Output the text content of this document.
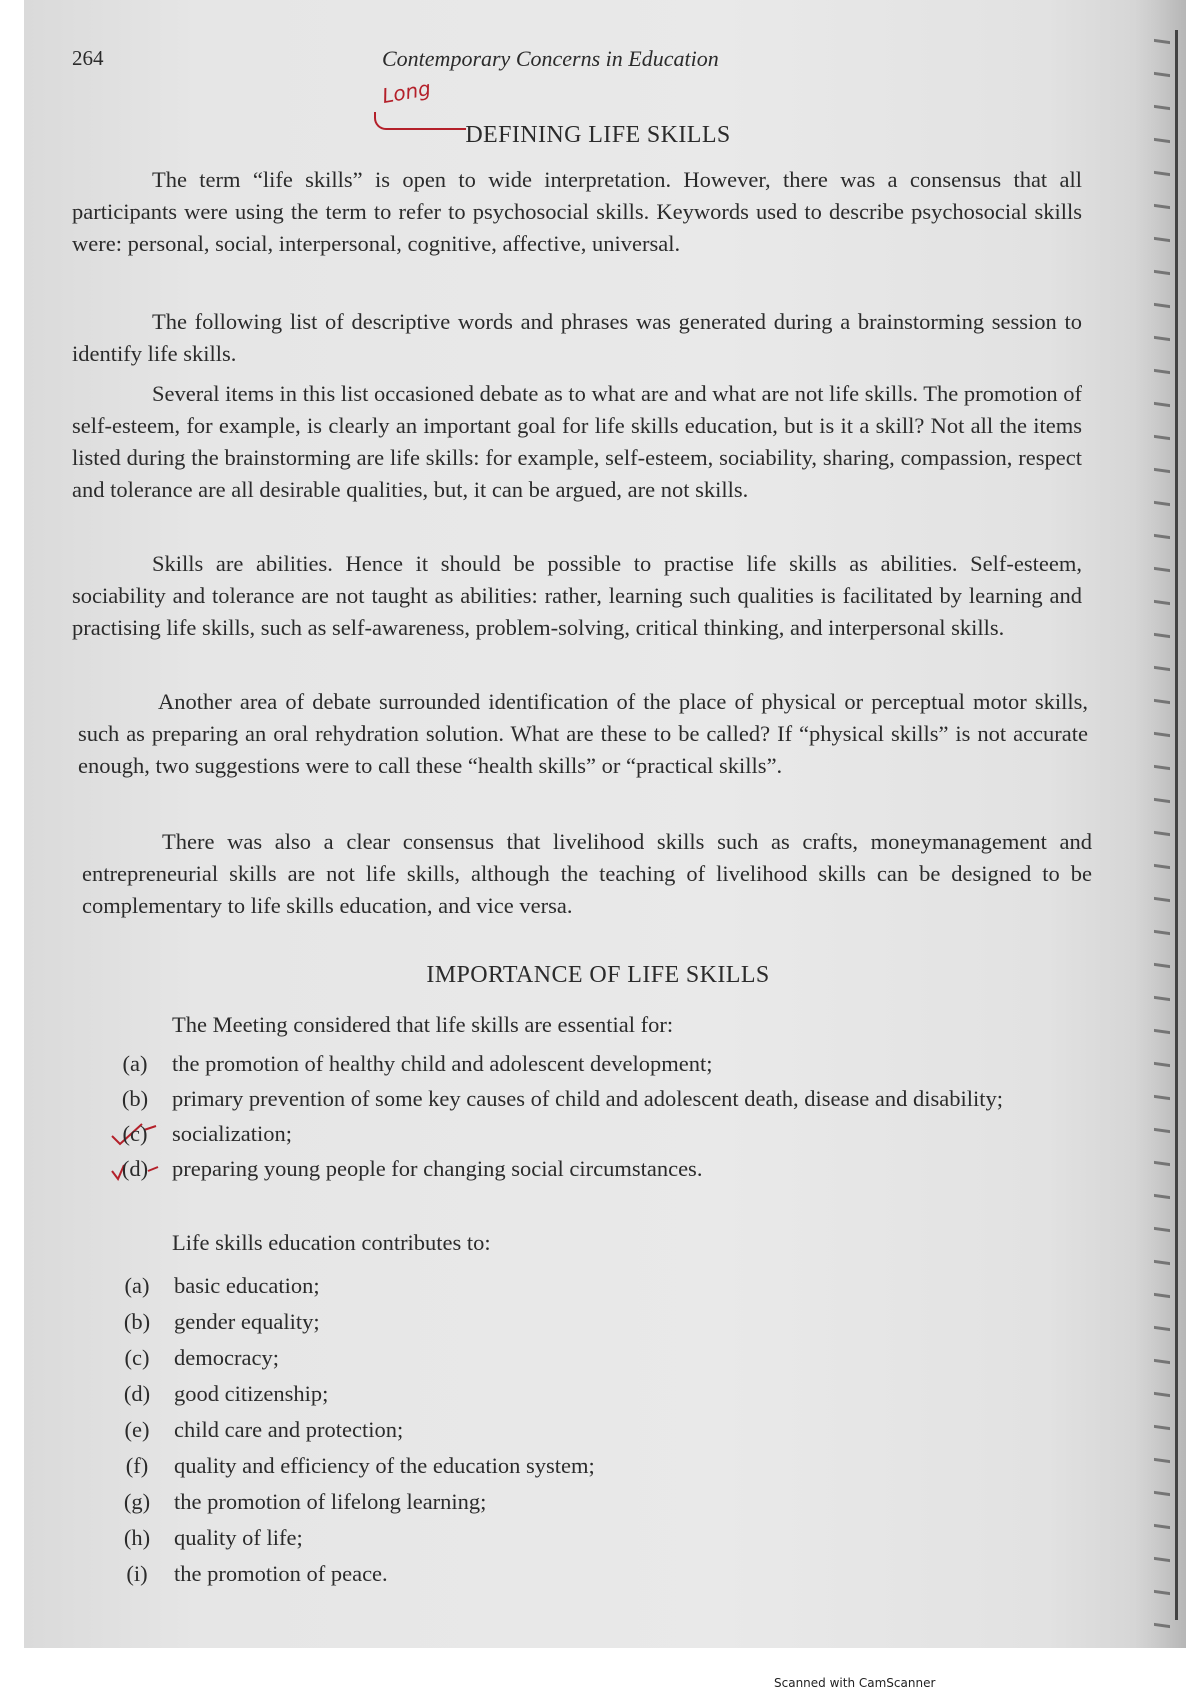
264	Contemporary Concerns in Education
Long
DEFINING LIFE SKILLS

The term “life skills” is open to wide interpretation. However, there was a consensus that all participants were using the term to refer to psychosocial skills. Keywords used to describe psychosocial skills were: personal, social, interpersonal, cognitive, affective, universal.

The following list of descriptive words and phrases was generated during a brainstorming session to identify life skills.

Several items in this list occasioned debate as to what are and what are not life skills. The promotion of self-esteem, for example, is clearly an important goal for life skills education, but is it a skill? Not all the items listed during the brainstorming are life skills: for example, self-esteem, sociability, sharing, compassion, respect and tolerance are all desirable qualities, but, it can be argued, are not skills.

Skills are abilities. Hence it should be possible to practise life skills as abilities. Self-esteem, sociability and tolerance are not taught as abilities: rather, learning such qualities is facilitated by learning and practising life skills, such as self-awareness, problem-solving, critical thinking, and interpersonal skills.

Another area of debate surrounded identification of the place of physical or perceptual motor skills, such as preparing an oral rehydration solution. What are these to be called? If “physical skills” is not accurate enough, two suggestions were to call these “health skills” or “practical skills”.

There was also a clear consensus that livelihood skills such as crafts, moneymanagement and entrepreneurial skills are not life skills, although the teaching of livelihood skills can be designed to be complementary to life skills education, and vice versa.

IMPORTANCE OF LIFE SKILLS
The Meeting considered that life skills are essential for:
(a)	the promotion of healthy child and adolescent development;
(b)	primary prevention of some key causes of child and adolescent death, disease and disability;
(c)	socialization;
(d)	preparing young people for changing social circumstances.
Life skills education contributes to:
(a)	basic education;
(b)	gender equality;
(c)	democracy;
(d)	good citizenship;
(e)	child care and protection;
(f)	quality and efficiency of the education system;
(g)	the promotion of lifelong learning;
(h)	quality of life;
(i)	the promotion of peace.
Scanned with CamScanner
